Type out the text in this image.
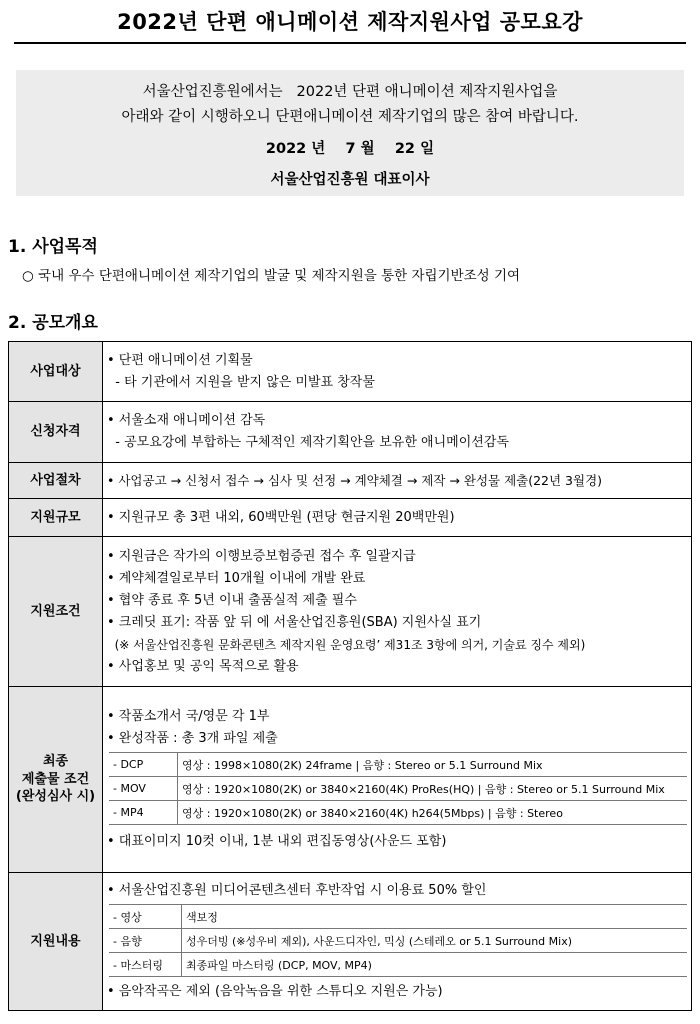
2022년 단편 애니메이션 제작지원사업 공모요강
서울산업진흥원에서는   2022년 단편 애니메이션 제작지원사업을
아래와 같이 시행하오니 단편애니메이션 제작기업의 많은 참여 바랍니다.
2022 년    7 월    22 일
서울산업진흥원 대표이사
1. 사업목적
○ 국내 우수 단편애니메이션 제작기업의 발굴 및 제작지원을 통한 자립기반조성 기여
2. 공모개요
사업대상	
• 단편 애니메이션 기획물
- 타 기관에서 지원을 받지 않은 미발표 창작물

신청자격	
• 서울소재 애니메이션 감독
- 공모요강에 부합하는 구체적인 제작기획안을 보유한 애니메이션감독

사업절차	• 사업공고 → 신청서 접수 → 심사 및 선정 → 계약체결 → 제작 → 완성물 제출(22년 3월경)

지원규모	• 지원규모 총 3편 내외, 60백만원 (편당 현금지원 20백만원)

지원조건	
• 지원금은 작가의 이행보증보험증권 접수 후 일괄지급
• 계약체결일로부터 10개월 이내에 개발 완료
• 협약 종료 후 5년 이내 출품실적 제출 필수
• 크레딧 표기: 작품 앞 뒤 에 서울산업진흥원(SBA) 지원사실 표기
(※ 서울산업진흥원 문화콘텐츠 제작지원 운영요령’ 제31조 3항에 의거, 기술료 징수 제외)
• 사업홍보 및 공익 목적으로 활용

최종
제출물 조건
(완성심사 시)

• 작품소개서 국/영문 각 1부
• 완성작품 : 총 3개 파일 제출
- DCP	영상 : 1998×1080(2K) 24frame | 음향 : Stereo or 5.1 Surround Mix
- MOV	영상 : 1920×1080(2K) or 3840×2160(4K) ProRes(HQ) | 음향 : Stereo or 5.1 Surround Mix
- MP4	영상 : 1920×1080(2K) or 3840×2160(4K) h264(5Mbps) | 음향 : Stereo
• 대표이미지 10컷 이내, 1분 내외 편집동영상(사운드 포함)

지원내용	
• 서울산업진흥원 미디어콘텐츠센터 후반작업 시 이용료 50% 할인
- 영상	색보정
- 음향	성우더빙 (※성우비 제외), 사운드디자인, 믹싱 (스테레오 or 5.1 Surround Mix)
- 마스터링	최종파일 마스터링 (DCP, MOV, MP4)
• 음악작곡은 제외 (음악녹음을 위한 스튜디오 지원은 가능)
